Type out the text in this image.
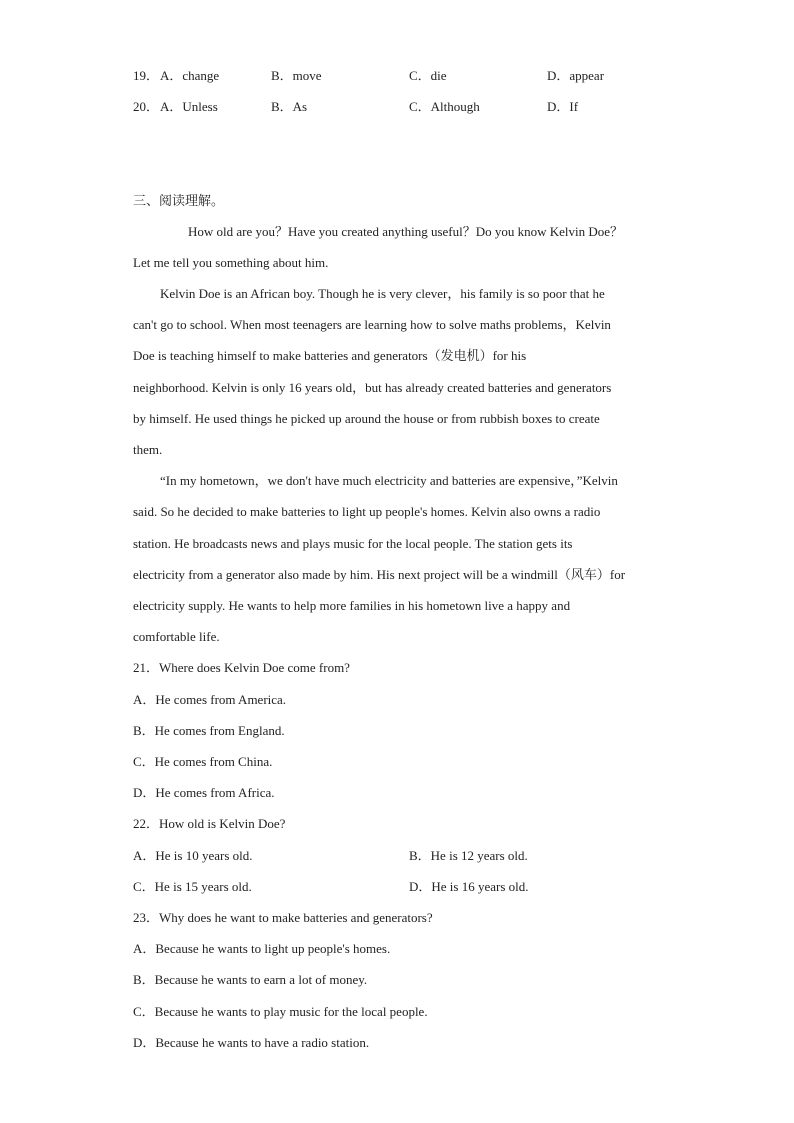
19． A．change	B．move	C．die	D．appear
20． A．Unless	B．As	C．Although	D．If
三、阅读理解。
How old are you？Have you created anything useful？Do you know Kelvin Doe？
Let me tell you something about him.
Kelvin Doe is an African boy. Though he is very clever，his family is so poor that he
can't go to school. When most teenagers are learning how to solve maths problems，Kelvin
Doe is teaching himself to make batteries and generators（发电机）for his
neighborhood. Kelvin is only 16 years old，but has already created batteries and generators
by himself. He used things he picked up around the house or from rubbish boxes to create
them.
“In my hometown，we don't have much electricity and batteries are expensive，”Kelvin
said. So he decided to make batteries to light up people's homes. Kelvin also owns a radio
station. He broadcasts news and plays music for the local people. The station gets its
electricity from a generator also made by him. His next project will be a windmill（风车）for
electricity supply. He wants to help more families in his hometown live a happy and
comfortable life.
21．Where does Kelvin Doe come from?
A．He comes from America.
B．He comes from England.
C．He comes from China.
D．He comes from Africa.
22．How old is Kelvin Doe?
A．He is 10 years old.	B．He is 12 years old.
C．He is 15 years old.	D．He is 16 years old.
23．Why does he want to make batteries and generators?
A．Because he wants to light up people's homes.
B．Because he wants to earn a lot of money.
C．Because he wants to play music for the local people.
D．Because he wants to have a radio station.
